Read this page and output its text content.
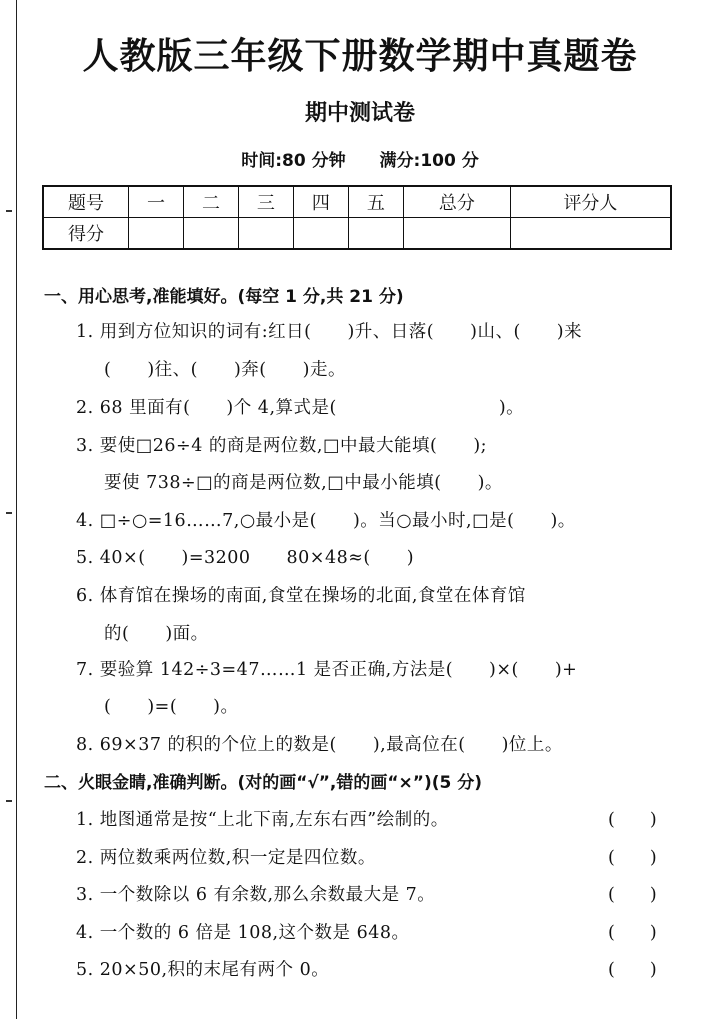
人教版三年级下册数学期中真题卷
期中测试卷
时间:80 分钟 满分:100 分
题号	一	二	三	四	五	总分	评分人
得分							
一、用心思考,准能填好。(每空 1 分,共 21 分)
1. 用到方位知识的词有:红日(　　)升、日落(　　)山、(　　)来
(　　)往、(　　)奔(　　)走。
2. 68 里面有(　　)个 4,算式是(　　　　　　　　　)。
3. 要使□26÷4 的商是两位数,□中最大能填(　　);
要使 738÷□的商是两位数,□中最小能填(　　)。
4. □÷○=16……7,○最小是(　　)。当○最小时,□是(　　)。
5. 40×(　　)=3200　　80×48≈(　　)
6. 体育馆在操场的南面,食堂在操场的北面,食堂在体育馆
的(　　)面。
7. 要验算 142÷3=47……1 是否正确,方法是(　　)×(　　)+
(　　)=(　　)。
8. 69×37 的积的个位上的数是(　　),最高位在(　　)位上。
二、火眼金睛,准确判断。(对的画“√”,错的画“×”)(5 分)
1. 地图通常是按“上北下南,左东右西”绘制的。	(　　)
2. 两位数乘两位数,积一定是四位数。	(　　)
3. 一个数除以 6 有余数,那么余数最大是 7。	(　　)
4. 一个数的 6 倍是 108,这个数是 648。	(　　)
5. 20×50,积的末尾有两个 0。	(　　)
